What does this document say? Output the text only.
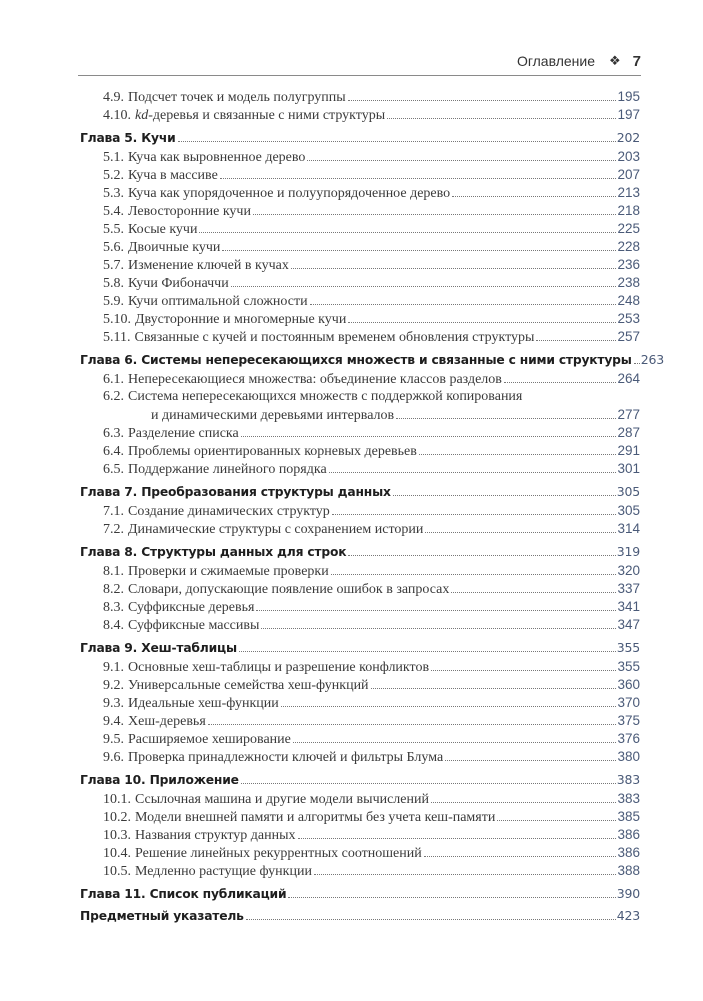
Оглавление ❖ 7
4.9. Подсчет точек и модель полугруппы	195
4.10. kd -деревья и связанные с ними структуры	197
Глава 5. Кучи	202
5.1. Куча как выровненное дерево	203
5.2. Куча в массиве	207
5.3. Куча как упорядоченное и полуупорядоченное дерево	213
5.4. Левосторонние кучи	218
5.5. Косые кучи	225
5.6. Двоичные кучи	228
5.7. Изменение ключей в кучах	236
5.8. Кучи Фибоначчи	238
5.9. Кучи оптимальной сложности	248
5.10. Двусторонние и многомерные кучи	253
5.11. Связанные с кучей и постоянным временем обновления структуры	257
Глава 6. Системы непересекающихся множеств и связанные с ними структуры 263
6.1. Непересекающиеся множества: объединение классов разделов	264
6.2. Система непересекающихся множеств с поддержкой копирования
и динамическими деревьями интервалов	277
6.3. Разделение списка	287
6.4. Проблемы ориентированных корневых деревьев	291
6.5. Поддержание линейного порядка	301
Глава 7. Преобразования структуры данных	305
7.1. Создание динамических структур	305
7.2. Динамические структуры с сохранением истории	314
Глава 8. Структуры данных для строк	319
8.1. Проверки и сжимаемые проверки	320
8.2. Словари, допускающие появление ошибок в запросах	337
8.3. Суффиксные деревья	341
8.4. Суффиксные массивы	347
Глава 9. Хеш-таблицы	355
9.1. Основные хеш-таблицы и разрешение конфликтов	355
9.2. Универсальные семейства хеш-функций	360
9.3. Идеальные хеш-функции	370
9.4. Хеш-деревья	375
9.5. Расширяемое хеширование	376
9.6. Проверка принадлежности ключей и фильтры Блума	380
Глава 10. Приложение	383
10.1. Ссылочная машина и другие модели вычислений	383
10.2. Модели внешней памяти и алгоритмы без учета кеш-памяти	385
10.3. Названия структур данных	386
10.4. Решение линейных рекуррентных соотношений	386
10.5. Медленно растущие функции	388
Глава 11. Список публикаций	390
Предметный указатель	423
